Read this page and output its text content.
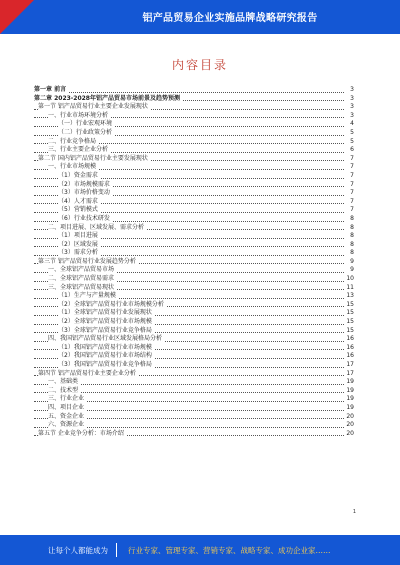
铝产品贸易企业实施品牌战略研究报告
内容目录
第一章 前言	3
第二章 2023-2028年铝产品贸易市场前景及趋势预测	3
第一节 铝产品贸易行业主要企业发展现状	3
一、行业市场环境分析	3
（一）行业宏观环境	4
（二）行业政策分析	5
二、行业竞争格局	5
三、行业主要企业分析	6
第二节 国内铝产品贸易行业主要发展现状	7
一、行业市场规模	7
（1）资金需求	7
（2）市场规模需求	7
（3）市场价格变动	7
（4）人才需求	7
（5）营销模式	7
（6）行业技术研发	8
二、项目进展、区域发展、需求分析	8
（1）项目进展	8
（2）区域发展	8
（3）需求分析	8
第三节 铝产品贸易行业发展趋势分析	9
一、全球铝产品贸易市场	9
二、全球铝产品贸易需求	10
三、全球铝产品贸易现状	11
（1）生产与产量规模	13
（2）全球铝产品贸易行业市场规模分析	15
（1）全球铝产品贸易行业发展现状	15
（2）全球铝产品贸易行业市场规模	15
（3）全球铝产品贸易行业竞争格局	15
四、我国铝产品贸易行业区域发展格局分析	16
（1）我国铝产品贸易行业市场规模	16
（2）我国铝产品贸易行业市场结构	16
（3）我国铝产品贸易行业竞争格局	17
第四节 铝产品贸易行业主要企业分析	17
一、基础类	19
二、技术型	19
三、行业企业	19
四、项目企业	19
五、资金企业	20
六、资源企业	20
第五节 企业竞争分析：市场介绍	20
1
让每个人都能成为	行业专家、管理专家、营销专家、战略专家、成功企业家……
